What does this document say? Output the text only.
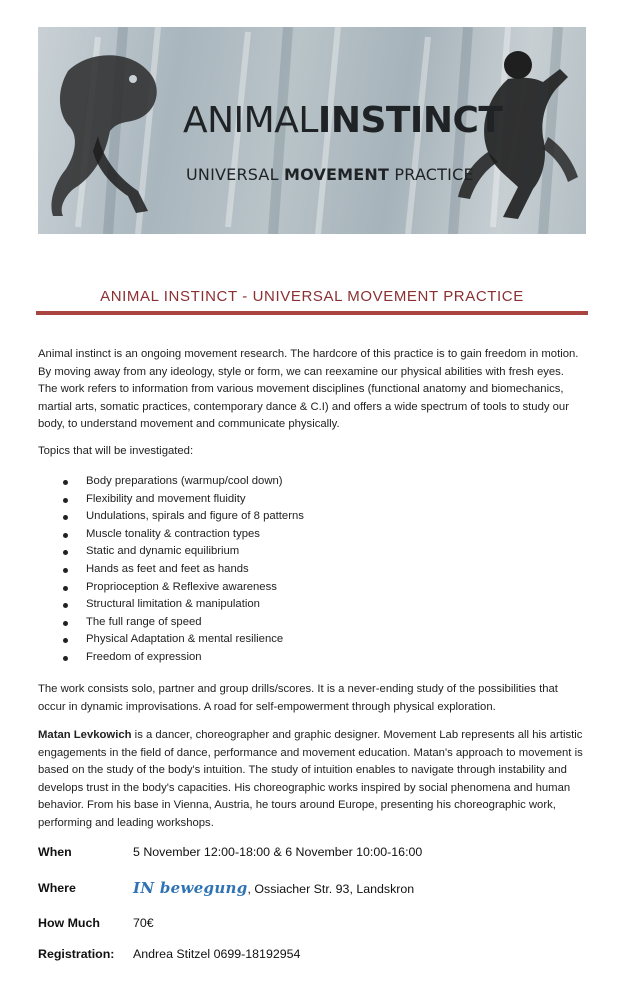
ANIMALINSTINCT
UNIVERSAL MOVEMENT PRACTICE
ANIMAL INSTINCT - UNIVERSAL MOVEMENT PRACTICE
Animal instinct is an ongoing movement research. The hardcore of this practice is to gain freedom in motion. By moving away from any ideology, style or form, we can reexamine our physical abilities with fresh eyes. The work refers to information from various movement disciplines (functional anatomy and biomechanics, martial arts, somatic practices, contemporary dance & C.I) and offers a wide spectrum of tools to study our body, to understand movement and communicate physically.
Topics that will be investigated:
Body preparations (warmup/cool down)
Flexibility and movement fluidity
Undulations, spirals and figure of 8 patterns
Muscle tonality & contraction types
Static and dynamic equilibrium
Hands as feet and feet as hands
Proprioception & Reflexive awareness
Structural limitation & manipulation
The full range of speed
Physical Adaptation & mental resilience
Freedom of expression
The work consists solo, partner and group drills/scores. It is a never-ending study of the possibilities that occur in dynamic improvisations. A road for self-empowerment through physical exploration.
Matan Levkowich is a dancer, choreographer and graphic designer. Movement Lab represents all his artistic engagements in the field of dance, performance and movement education. Matan's approach to movement is based on the study of the body's intuition. The study of intuition enables to navigate through instability and develops trust in the body's capacities. His choreographic works inspired by social phenomena and human behavior. From his base in Vienna, Austria, he tours around Europe, presenting his choreographic work, performing and leading workshops.
When	5 November 12:00-18:00 & 6 November 10:00-16:00
Where	IN bewegung, Ossiacher Str. 93, Landskron
How Much	70€
Registration: Andrea Stitzel 0699-18192954
